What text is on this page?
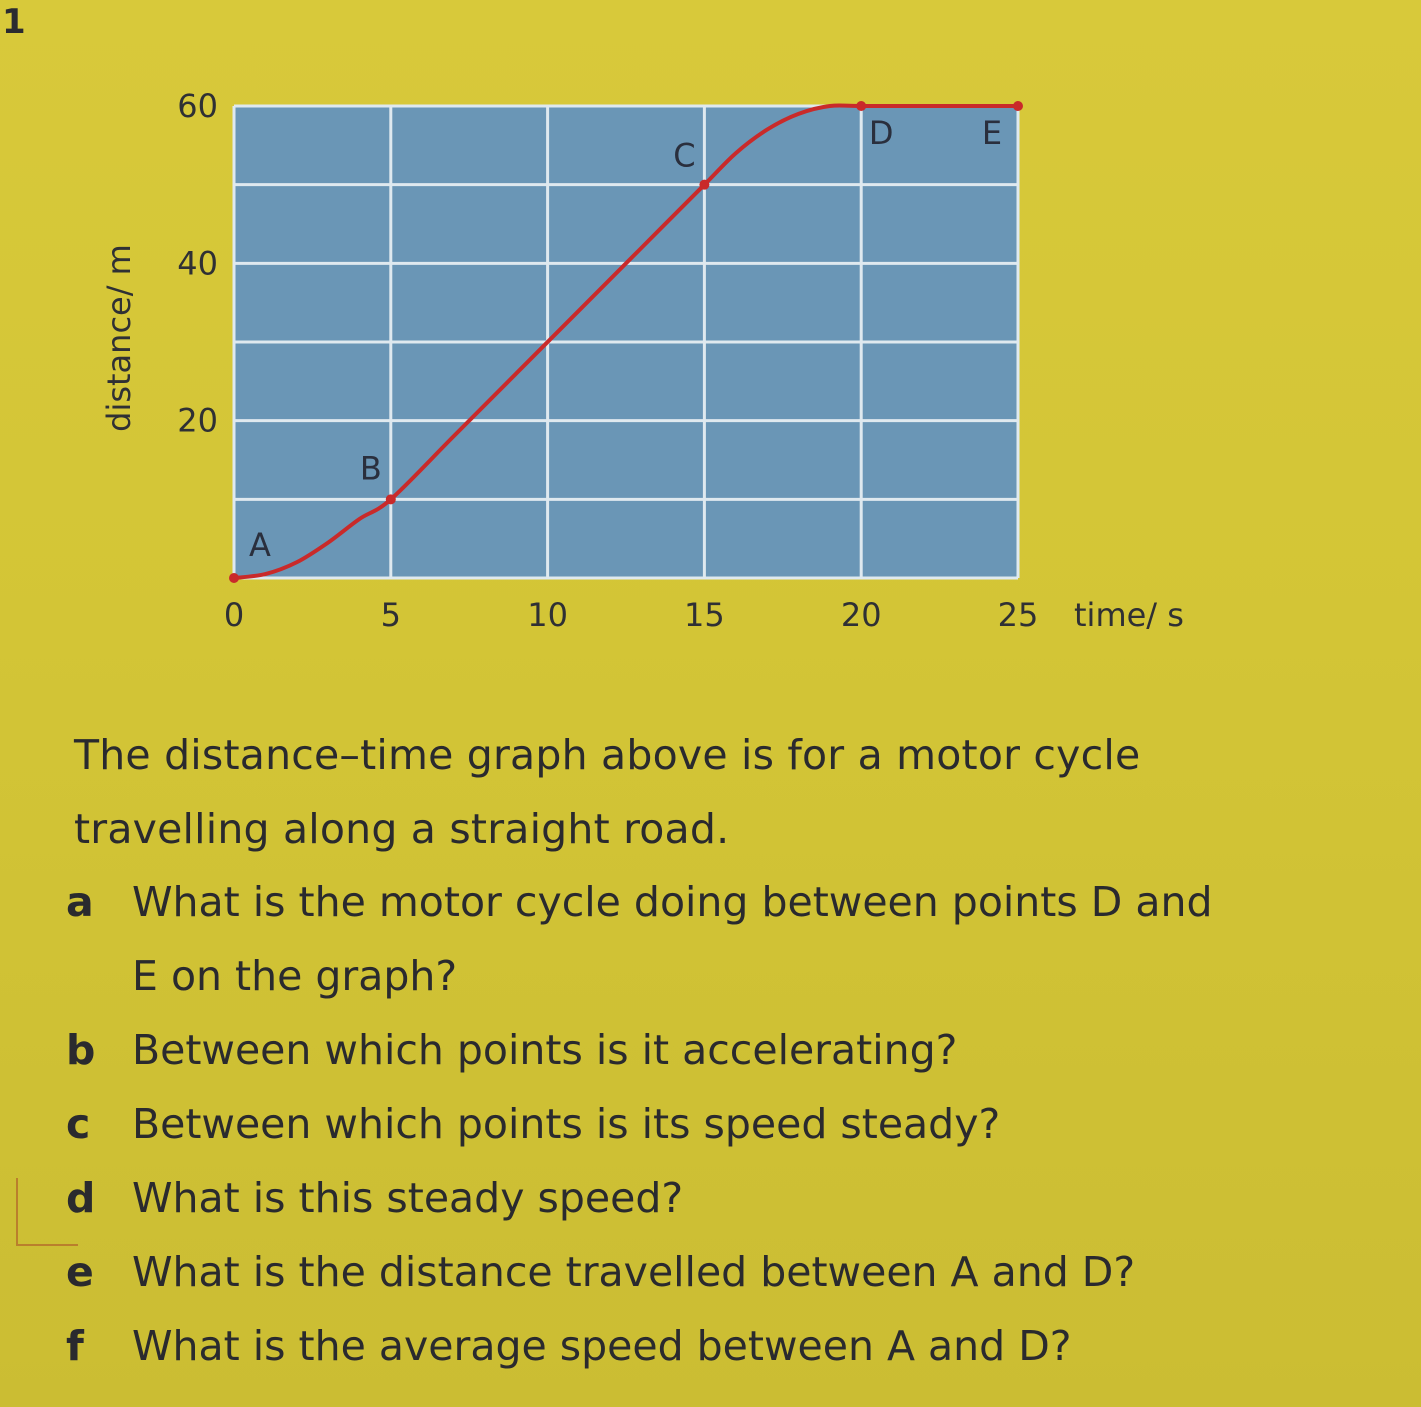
1
0	5	10	15	20	25
20
40
60
A
B
C
D	E
time/ s
distance/ m
The distance–time graph above is for a motor cycle
travelling along a straight road.
a What is the motor cycle doing between points D and
E on the graph?
b Between which points is it accelerating?
c Between which points is its speed steady?
d What is this steady speed?
e What is the distance travelled between A and D?
f What is the average speed between A and D?
